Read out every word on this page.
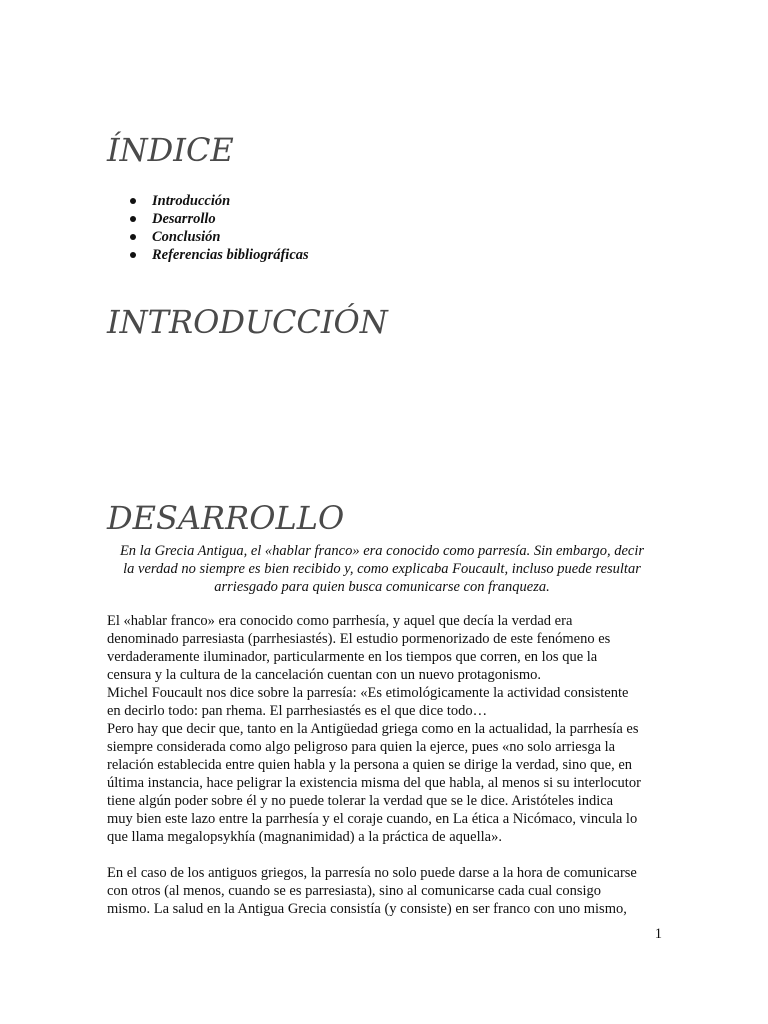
ÍNDICE
Introducción
Desarrollo
Conclusión
Referencias bibliográficas
INTRODUCCIÓN
DESARROLLO

En la Grecia Antigua, el «hablar franco» era conocido como parresía. Sin embargo, decir
la verdad no siempre es bien recibido y, como explicaba Foucault, incluso puede resultar
arriesgado para quien busca comunicarse con franqueza.

El «hablar franco» era conocido como parrhesía, y aquel que decía la verdad era
denominado parresiasta (parrhesiastés). El estudio pormenorizado de este fenómeno es
verdaderamente iluminador, particularmente en los tiempos que corren, en los que la
censura y la cultura de la cancelación cuentan con un nuevo protagonismo.
Michel Foucault nos dice sobre la parresía: «Es etimológicamente la actividad consistente
en decirlo todo: pan rhema. El parrhesiastés es el que dice todo…
Pero hay que decir que, tanto en la Antigüedad griega como en la actualidad, la parrhesía es
siempre considerada como algo peligroso para quien la ejerce, pues «no solo arriesga la
relación establecida entre quien habla y la persona a quien se dirige la verdad, sino que, en
última instancia, hace peligrar la existencia misma del que habla, al menos si su interlocutor
tiene algún poder sobre él y no puede tolerar la verdad que se le dice. Aristóteles indica
muy bien este lazo entre la parrhesía y el coraje cuando, en La ética a Nicómaco, vincula lo
que llama megalopsykhía (magnanimidad) a la práctica de aquella».
En el caso de los antiguos griegos, la parresía no solo puede darse a la hora de comunicarse
con otros (al menos, cuando se es parresiasta), sino al comunicarse cada cual consigo
mismo. La salud en la Antigua Grecia consistía (y consiste) en ser franco con uno mismo,
1
